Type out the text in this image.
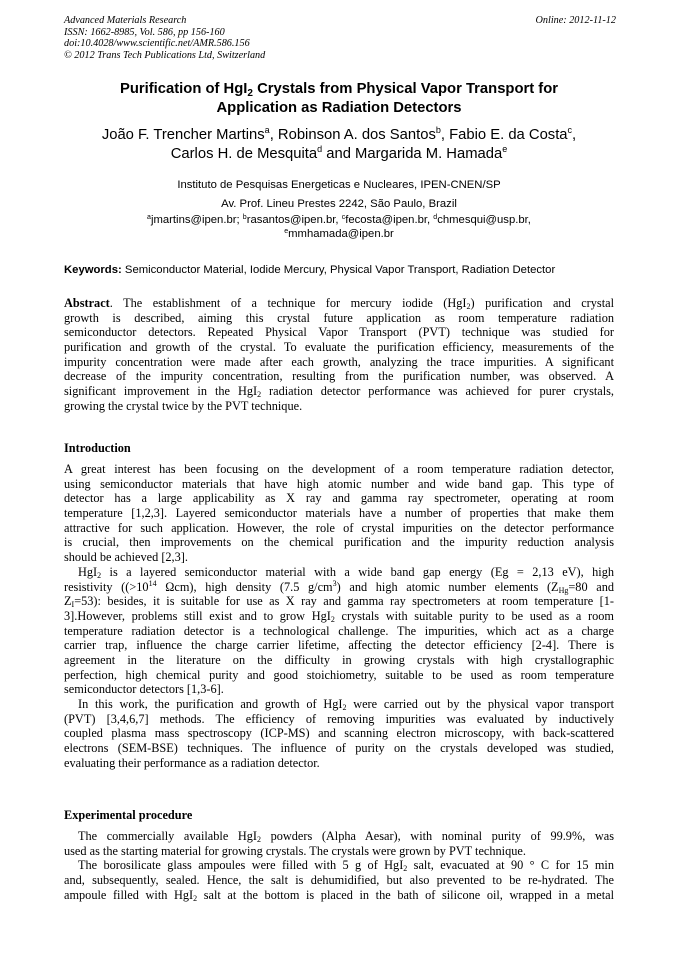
Advanced Materials Research
ISSN: 1662-8985, Vol. 586, pp 156-160
doi:10.4028/www.scientific.net/AMR.586.156
© 2012 Trans Tech Publications Ltd, Switzerland
Online: 2012-11-12
Purification of HgI$_2$ Crystals from Physical Vapor Transport for
Application as Radiation Detectors
João F. Trencher Martins$^a$, Robinson A. dos Santos$^b$, Fabio E. da Costa$^c$,
Carlos H. de Mesquita$^d$ and Margarida M. Hamada$^e$
Instituto de Pesquisas Energeticas e Nucleares, IPEN-CNEN/SP
Av. Prof. Lineu Prestes 2242, São Paulo, Brazil
$^a$jmartins@ipen.br; $^b$rasantos@ipen.br, $^c$fecosta@ipen.br, $^d$chmesqui@usp.br,
$^e$mmhamada@ipen.br
Keywords: Semiconductor Material, Iodide Mercury, Physical Vapor Transport, Radiation Detector
Abstract. The establishment of a technique for mercury iodide (HgI$_2$) purification and crystal
growth is described, aiming this crystal future application as room temperature radiation
semiconductor detectors. Repeated Physical Vapor Transport (PVT) technique was studied for
purification and growth of the crystal. To evaluate the purification efficiency, measurements of the
impurity concentration were made after each growth, analyzing the trace impurities. A significant
decrease of the impurity concentration, resulting from the purification number, was observed. A
significant improvement in the HgI$_2$ radiation detector performance was achieved for purer crystals,
growing the crystal twice by the PVT technique.
Introduction
A great interest has been focusing on the development of a room temperature radiation detector,
using semiconductor materials that have high atomic number and wide band gap. This type of
detector has a large applicability as X ray and gamma ray spectrometer, operating at room
temperature [1,2,3]. Layered semiconductor materials have a number of properties that make them
attractive for such application. However, the role of crystal impurities on the detector performance
is crucial, then improvements on the chemical purification and the impurity reduction analysis
should be achieved [2,3].
HgI$_2$ is a layered semiconductor material with a wide band gap energy (Eg = 2,13 eV), high
resistivity (($>10^{14}$ Ωcm), high density (7.5 $g/cm^3$) and high atomic number elements ($Z_{Hg}=80$ and
$Z_I=53$): besides, it is suitable for use as X ray and gamma ray spectrometers at room temperature [1-
3].However, problems still exist and to grow HgI$_2$ crystals with suitable purity to be used as a room
temperature radiation detector is a technological challenge. The impurities, which act as a charge
carrier trap, influence the charge carrier lifetime, affecting the detector efficiency [2-4]. There is
agreement in the literature on the difficulty in growing crystals with high crystallographic
perfection, high chemical purity and good stoichiometry, suitable to be used as room temperature
semiconductor detectors [1,3-6].
In this work, the purification and growth of HgI$_2$ were carried out by the physical vapor transport
(PVT) [3,4,6,7] methods. The efficiency of removing impurities was evaluated by inductively
coupled plasma mass spectroscopy (ICP-MS) and scanning electron microscopy, with back-scattered
electrons (SEM-BSE) techniques. The influence of purity on the crystals developed was studied,
evaluating their performance as a radiation detector.
Experimental procedure
The commercially available HgI$_2$ powders (Alpha Aesar), with nominal purity of 99.9%, was
used as the starting material for growing crystals. The crystals were grown by PVT technique.
The borosilicate glass ampoules were filled with 5 g of HgI$_2$ salt, evacuated at 90 ° C for 15 min
and, subsequently, sealed. Hence, the salt is dehumidified, but also prevented to be re-hydrated. The
ampoule filled with HgI$_2$ salt at the bottom is placed in the bath of silicone oil, wrapped in a metal
